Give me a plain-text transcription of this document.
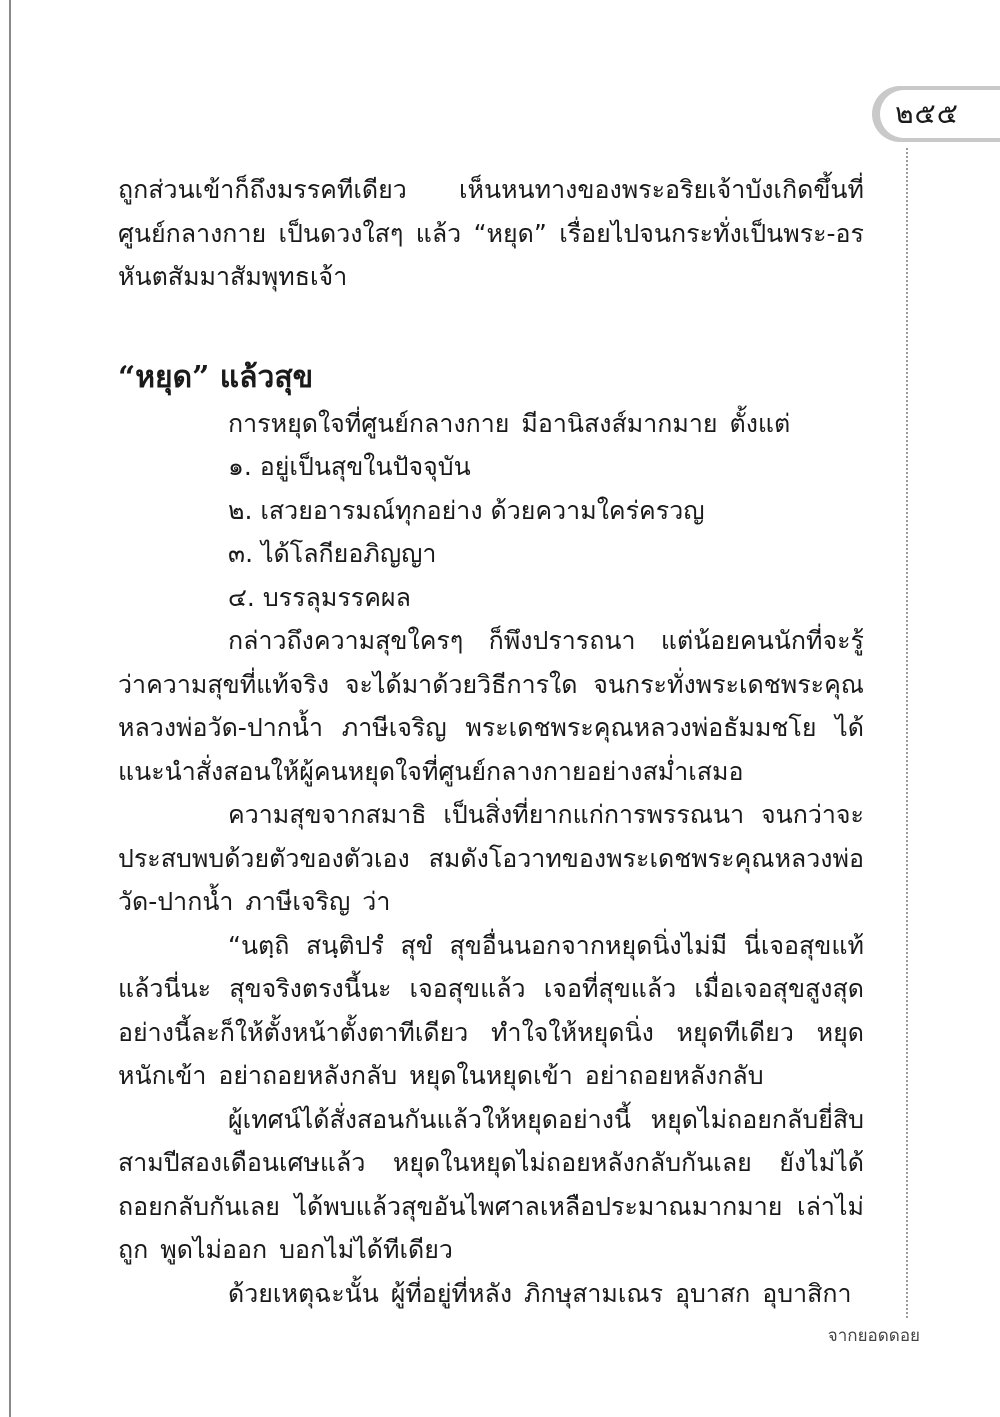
๒๕๕

ถูกส่วนเข้าก็ถึงมรรคทีเดียว เห็นหนทางของพระอริยเจ้าบังเกิดขึ้นที่ศูนย์กลางกาย เป็นดวงใสๆ แล้ว “หยุด” เรื่อยไปจนกระทั่งเป็นพระ-อรหันตสัมมาสัมพุทธเจ้า

“หยุด” แล้วสุข

การหยุดใจที่ศูนย์กลางกาย มีอานิสงส์มากมาย ตั้งแต่

๑. อยู่เป็นสุขในปัจจุบัน

๒. เสวยอารมณ์ทุกอย่าง ด้วยความใคร่ครวญ

๓. ได้โลกียอภิญญา

๔. บรรลุมรรคผล

กล่าวถึงความสุขใครๆ ก็พึงปรารถนา แต่น้อยคนนักที่จะรู้ว่าความสุขที่แท้จริง จะได้มาด้วยวิธีการใด จนกระทั่งพระเดชพระคุณหลวงพ่อวัด-ปากน้ำ ภาษีเจริญ พระเดชพระคุณหลวงพ่อธัมมชโย ได้แนะนำสั่งสอนให้ผู้คนหยุดใจที่ศูนย์กลางกายอย่างสม่ำเสมอ

ความสุขจากสมาธิ เป็นสิ่งที่ยากแก่การพรรณนา จนกว่าจะประสบพบด้วยตัวของตัวเอง สมดังโอวาทของพระเดชพระคุณหลวงพ่อวัด-ปากน้ำ ภาษีเจริญ ว่า

“นตฺถิ สนฺติปรํ สุขํ สุขอื่นนอกจากหยุดนิ่งไม่มี นี่เจอสุขแท้แล้วนี่นะ สุขจริงตรงนี้นะ เจอสุขแล้ว เจอที่สุขแล้ว เมื่อเจอสุขสูงสุดอย่างนี้ละก็ให้ตั้งหน้าตั้งตาทีเดียว ทำใจให้หยุดนิ่ง หยุดทีเดียว หยุดหนักเข้า อย่าถอยหลังกลับ หยุดในหยุดเข้า อย่าถอยหลังกลับ

ผู้เทศน์ได้สั่งสอนกันแล้วให้หยุดอย่างนี้ หยุดไม่ถอยกลับยี่สิบสามปีสองเดือนเศษแล้ว หยุดในหยุดไม่ถอยหลังกลับกันเลย ยังไม่ได้ถอยกลับกันเลย ได้พบแล้วสุขอันไพศาลเหลือประมาณมากมาย เล่าไม่ถูก พูดไม่ออก บอกไม่ได้ทีเดียว

ด้วยเหตุฉะนั้น ผู้ที่อยู่ที่หลัง ภิกษุสามเณร อุบาสก อุบาสิกา

จากยอดดอย
